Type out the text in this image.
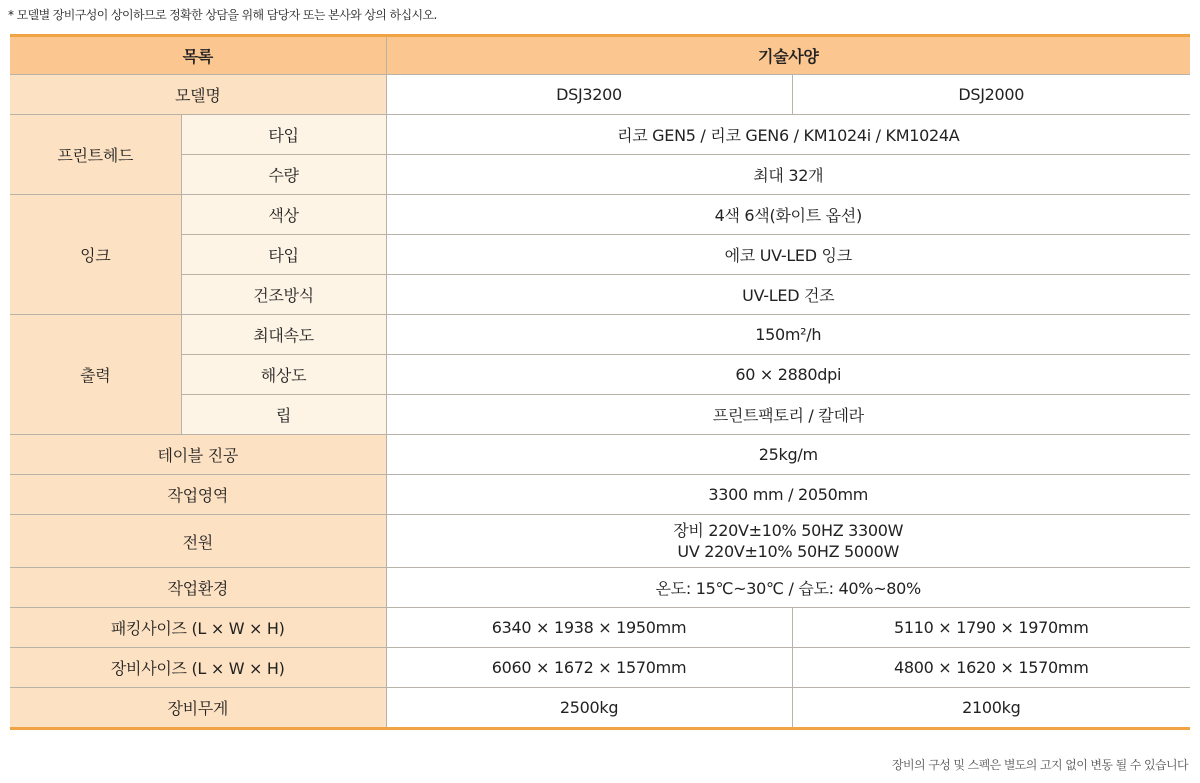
* 모델별 장비구성이 상이하므로 정확한 상담을 위해 담당자 또는 본사와 상의 하십시오.
목록		기술사양	
모델명		DSJ3200	DSJ2000
프린트헤드	타입	리코 GEN5 / 리코 GEN6 / KM1024i / KM1024A	
	수량	최대 32개	
잉크	색상	4색 6색(화이트 옵션)	
	타입	에코 UV-LED 잉크	
	건조방식	UV-LED 건조	
출력	최대속도	150m²/h	
	해상도	60 × 2880dpi	
	립	프린트팩토리 / 칼데라	
테이블 진공		25kg/m	
작업영역		3300 mm / 2050mm	
전원		장비 220V±10% 50HZ 3300W
UV 220V±10% 50HZ 5000W	

작업환경		온도: 15℃~30℃ / 습도: 40%~80%	
패킹사이즈 (L × W × H)		6340 × 1938 × 1950mm	5110 × 1790 × 1970mm
장비사이즈 (L × W × H)		6060 × 1672 × 1570mm	4800 × 1620 × 1570mm
장비무게		2500kg	2100kg
장비의 구성 및 스펙은 별도의 고지 없이 변동 될 수 있습니다
